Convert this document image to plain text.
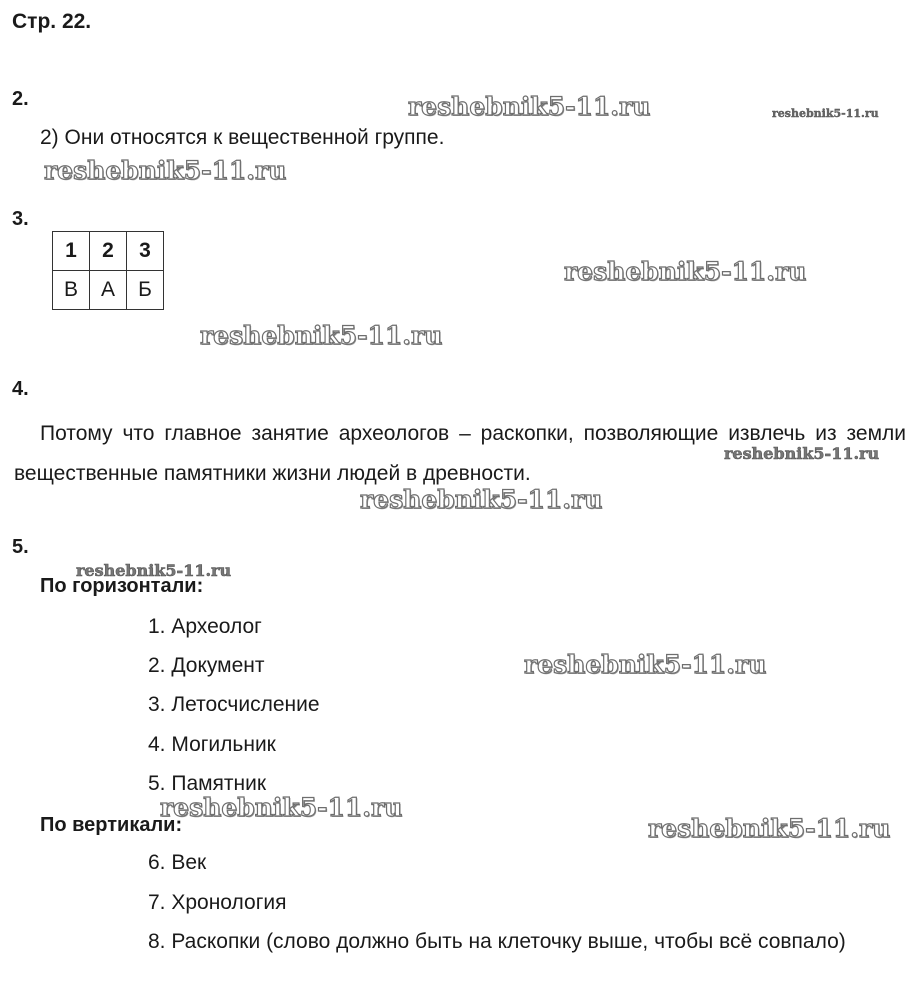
Стр. 22.
2.
2) Они относятся к вещественной группе.
3.
1	2	3
В	А	Б
4.
Потому что главное занятие археологов – раскопки, позволяющие извлечь из земли вещественные памятники жизни людей в древности.
5.
По горизонтали:
1. Археолог
2. Документ
3. Летосчисление
4. Могильник
5. Памятник
По вертикали:
6. Век
7. Хронология
8. Раскопки (слово должно быть на клеточку выше, чтобы всё совпало)
reshebnik5-11.ru	reshebnik5-11.ru
reshebnik5-11.ru
reshebnik5-11.ru
reshebnik5-11.ru
reshebnik5-11.ru
reshebnik5-11.ru
reshebnik5-11.ru
reshebnik5-11.ru
reshebnik5-11.ru
reshebnik5-11.ru
